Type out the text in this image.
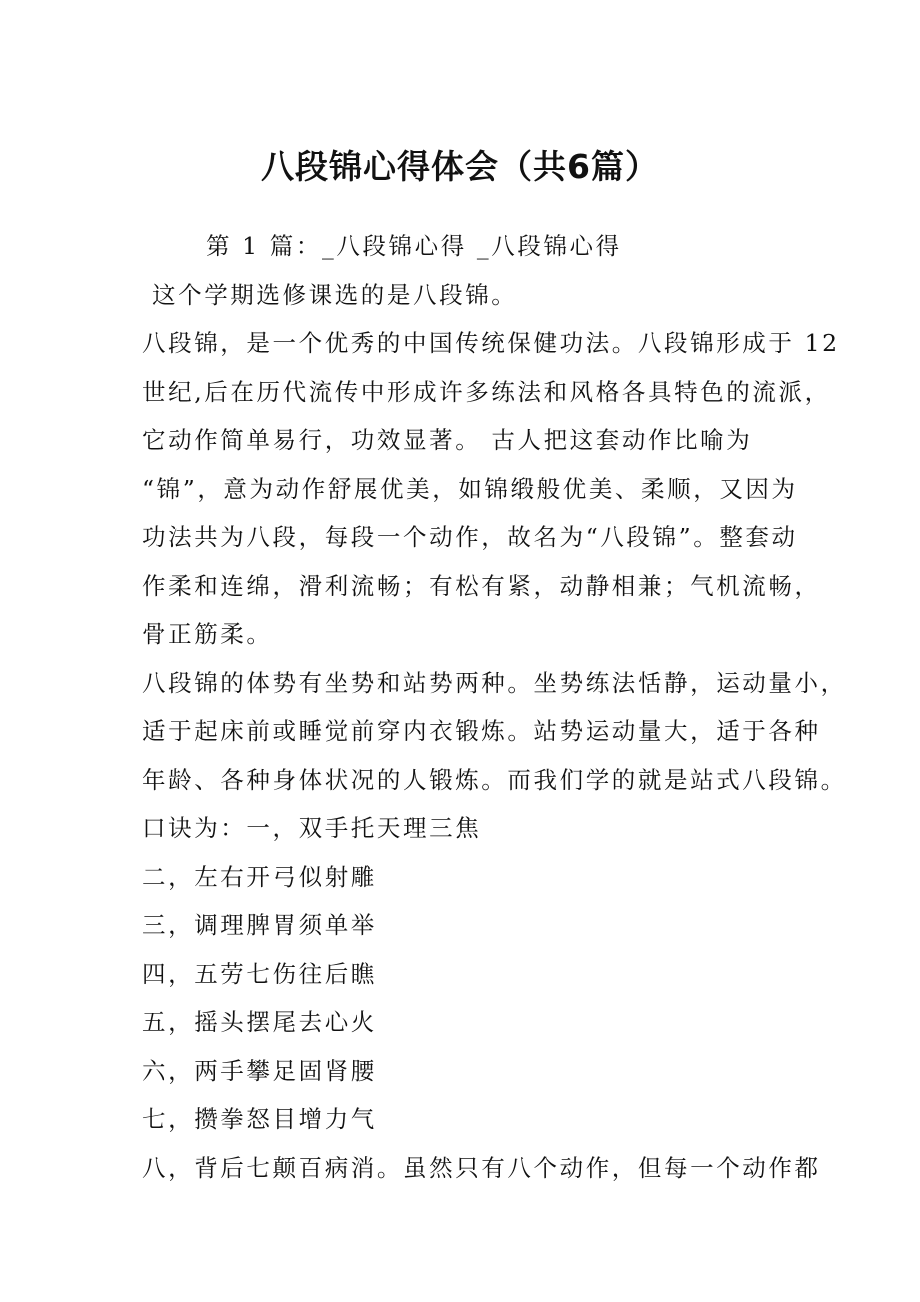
八段锦心得体会（共6篇）

第 1 篇：_八段锦心得 _八段锦心得

这个学期选修课选的是八段锦。

八段锦，是一个优秀的中国传统保健功法。八段锦形成于 12

世纪,后在历代流传中形成许多练法和风格各具特色的流派，

它动作简单易行，功效显著。 古人把这套动作比喻为

“锦”，意为动作舒展优美，如锦缎般优美、柔顺，又因为

功法共为八段，每段一个动作，故名为“八段锦”。整套动

作柔和连绵，滑利流畅；有松有紧，动静相兼；气机流畅，

骨正筋柔。

八段锦的体势有坐势和站势两种。坐势练法恬静，运动量小，

适于起床前或睡觉前穿内衣锻炼。站势运动量大，适于各种

年龄、各种身体状况的人锻炼。而我们学的就是站式八段锦。

口诀为：一，双手托天理三焦

二，左右开弓似射雕

三，调理脾胃须单举

四，五劳七伤往后瞧

五，摇头摆尾去心火

六，两手攀足固肾腰

七，攒拳怒目增力气

八，背后七颠百病消。虽然只有八个动作，但每一个动作都
